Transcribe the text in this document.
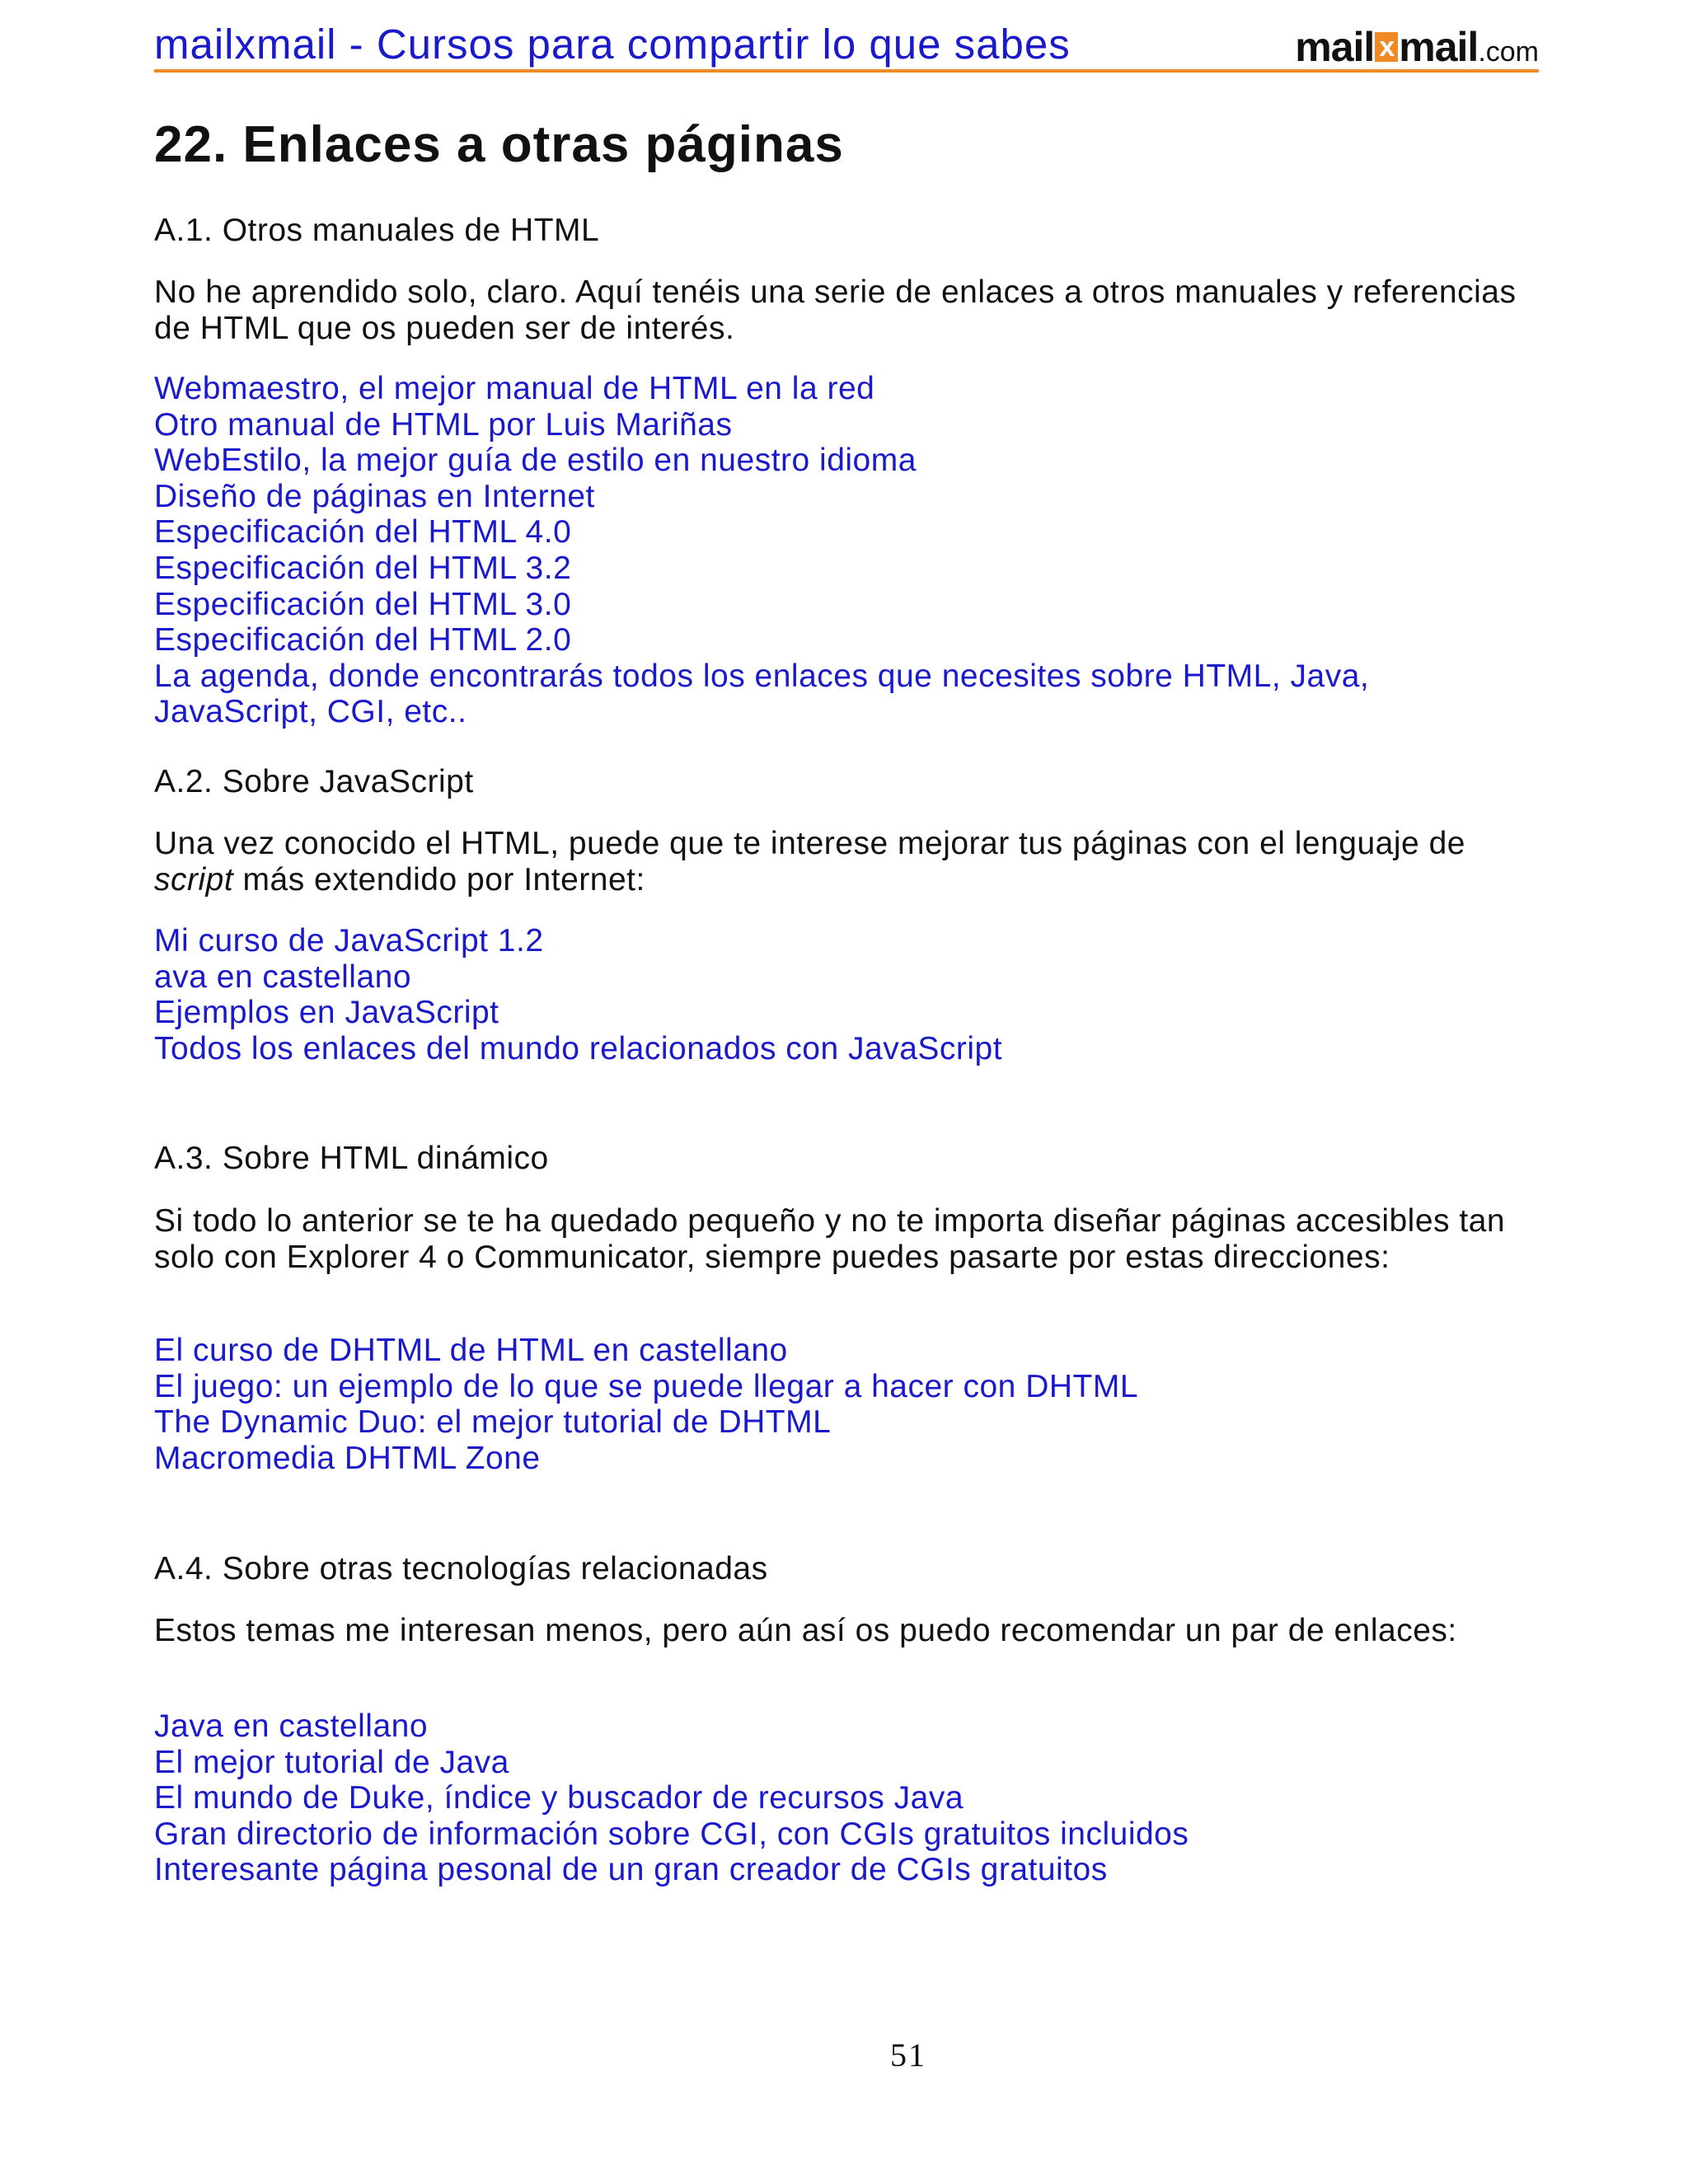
mailxmail - Cursos para compartir lo que sabes	mail x mail.com
22. Enlaces a otras páginas
A.1. Otros manuales de HTML

No he aprendido solo, claro. Aquí tenéis una serie de enlaces a otros manuales y referencias de HTML que os pueden ser de interés.

Webmaestro, el mejor manual de HTML en la red
Otro manual de HTML por Luis Mariñas
WebEstilo, la mejor guía de estilo en nuestro idioma
Diseño de páginas en Internet
Especificación del HTML 4.0
Especificación del HTML 3.2
Especificación del HTML 3.0
Especificación del HTML 2.0
La agenda, donde encontrarás todos los enlaces que necesites sobre HTML, Java,
JavaScript, CGI, etc..
A.2. Sobre JavaScript

Una vez conocido el HTML, puede que te interese mejorar tus páginas con el lenguaje de script más extendido por Internet:

Mi curso de JavaScript 1.2
ava en castellano
Ejemplos en JavaScript
Todos los enlaces del mundo relacionados con JavaScript
A.3. Sobre HTML dinámico

Si todo lo anterior se te ha quedado pequeño y no te importa diseñar páginas accesibles tan solo con Explorer 4 o Communicator, siempre puedes pasarte por estas direcciones:

El curso de DHTML de HTML en castellano
El juego: un ejemplo de lo que se puede llegar a hacer con DHTML
The Dynamic Duo: el mejor tutorial de DHTML
Macromedia DHTML Zone
A.4. Sobre otras tecnologías relacionadas

Estos temas me interesan menos, pero aún así os puedo recomendar un par de enlaces:

Java en castellano
El mejor tutorial de Java
El mundo de Duke, índice y buscador de recursos Java
Gran directorio de información sobre CGI, con CGIs gratuitos incluidos
Interesante página pesonal de un gran creador de CGIs gratuitos
51
